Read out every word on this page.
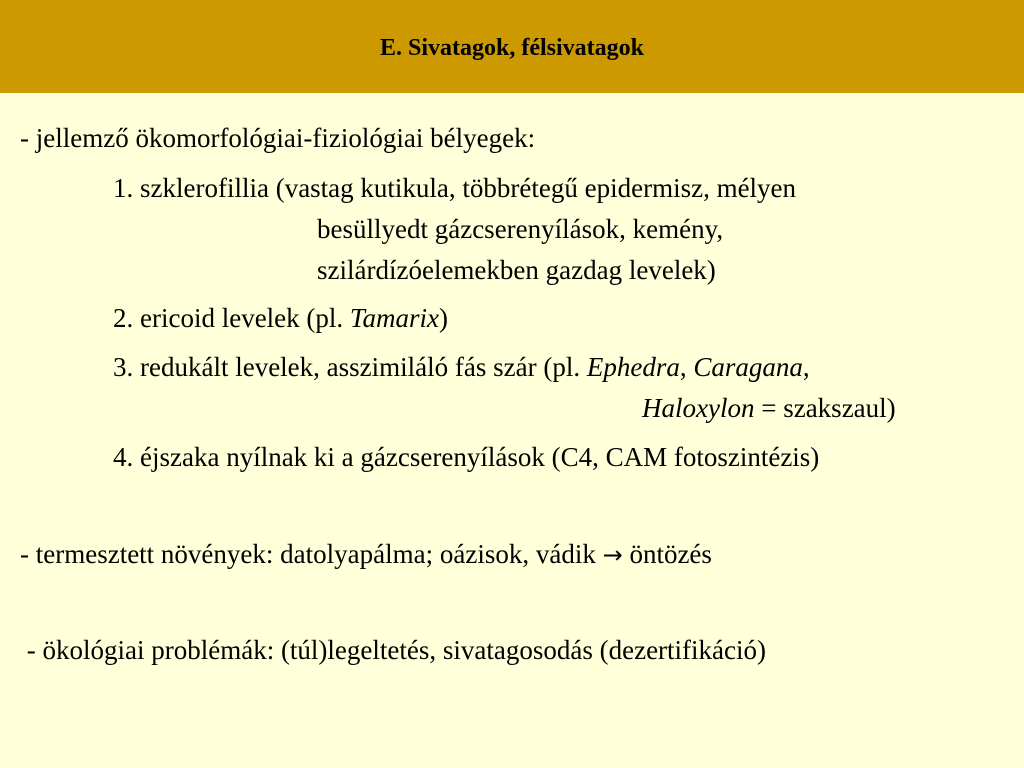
E. Sivatagok, félsivatagok
- jellemző ökomorfológiai-fiziológiai bélyegek:
1. szklerofillia (vastag kutikula, többrétegű epidermisz, mélyen
besüllyedt gázcserenyílások, kemény,
szilárdízóelemekben gazdag levelek)
2. ericoid levelek (pl. Tamarix)
3. redukált levelek, asszimiláló fás szár (pl. Ephedra, Caragana,
Haloxylon = szakszaul)
4. éjszaka nyílnak ki a gázcserenyílások (C4, CAM fotoszintézis)
- termesztett növények: datolyapálma; oázisok, vádik → öntözés
- ökológiai problémák: (túl)legeltetés, sivatagosodás (dezertifikáció)
